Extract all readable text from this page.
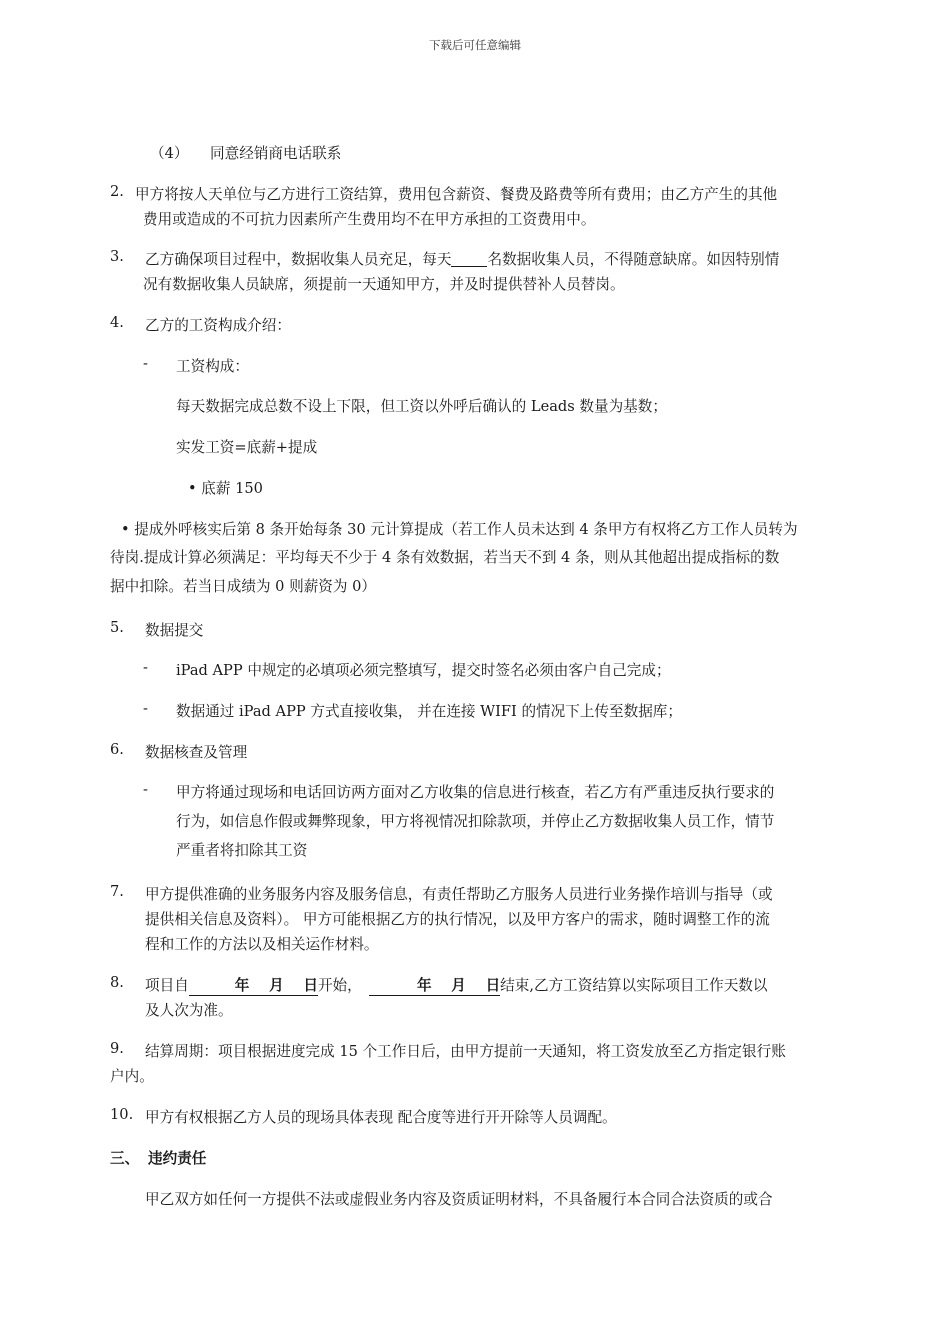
下载后可任意编辑
（4） 同意经销商电话联系
2. 甲方将按人天单位与乙方进行工资结算，费用包含薪资、餐费及路费等所有费用；由乙方产生的其他
费用或造成的不可抗力因素所产生费用均不在甲方承担的工资费用中。
3. 乙方确保项目过程中，数据收集人员充足，每天 名数据收集人员，不得随意缺席。如因特别情
况有数据收集人员缺席，须提前一天通知甲方，并及时提供替补人员替岗。
4. 乙方的工资构成介绍：
- 工资构成：
每天数据完成总数不设上下限，但工资以外呼后确认的 Leads 数量为基数；
实发工资=底薪+提成
• 底薪 150
• 提成外呼核实后第 8 条开始每条 30 元计算提成（若工作人员未达到 4 条甲方有权将乙方工作人员转为
待岗.提成计算必须满足：平均每天不少于 4 条有效数据，若当天不到 4 条，则从其他超出提成指标的数
据中扣除。若当日成绩为 0 则薪资为 0）
5. 数据提交
- iPad APP 中规定的必填项必须完整填写，提交时签名必须由客户自己完成；
- 数据通过 iPad APP 方式直接收集， 并在连接 WIFI 的情况下上传至数据库；
6. 数据核查及管理
- 甲方将通过现场和电话回访两方面对乙方收集的信息进行核查，若乙方有严重违反执行要求的
行为，如信息作假或舞弊现象，甲方将视情况扣除款项，并停止乙方数据收集人员工作，情节
严重者将扣除其工资
7. 甲方提供准确的业务服务内容及服务信息，有责任帮助乙方服务人员进行业务操作培训与指导（或
提供相关信息及资料）。 甲方可能根据乙方的执行情况，以及甲方客户的需求，随时调整工作的流
程和工作的方法以及相关运作材料。
8. 项目自	年　 月　 日开始，　	年　 月　 日结束,乙方工资结算以实际项目工作天数以
及人次为准。
9. 结算周期：项目根据进度完成 15 个工作日后，由甲方提前一天通知，将工资发放至乙方指定银行账
户内。
10. 甲方有权根据乙方人员的现场具体表现 配合度等进行开开除等人员调配。
三、 违约责任
甲乙双方如任何一方提供不法或虚假业务内容及资质证明材料，不具备履行本合同合法资质的或合
